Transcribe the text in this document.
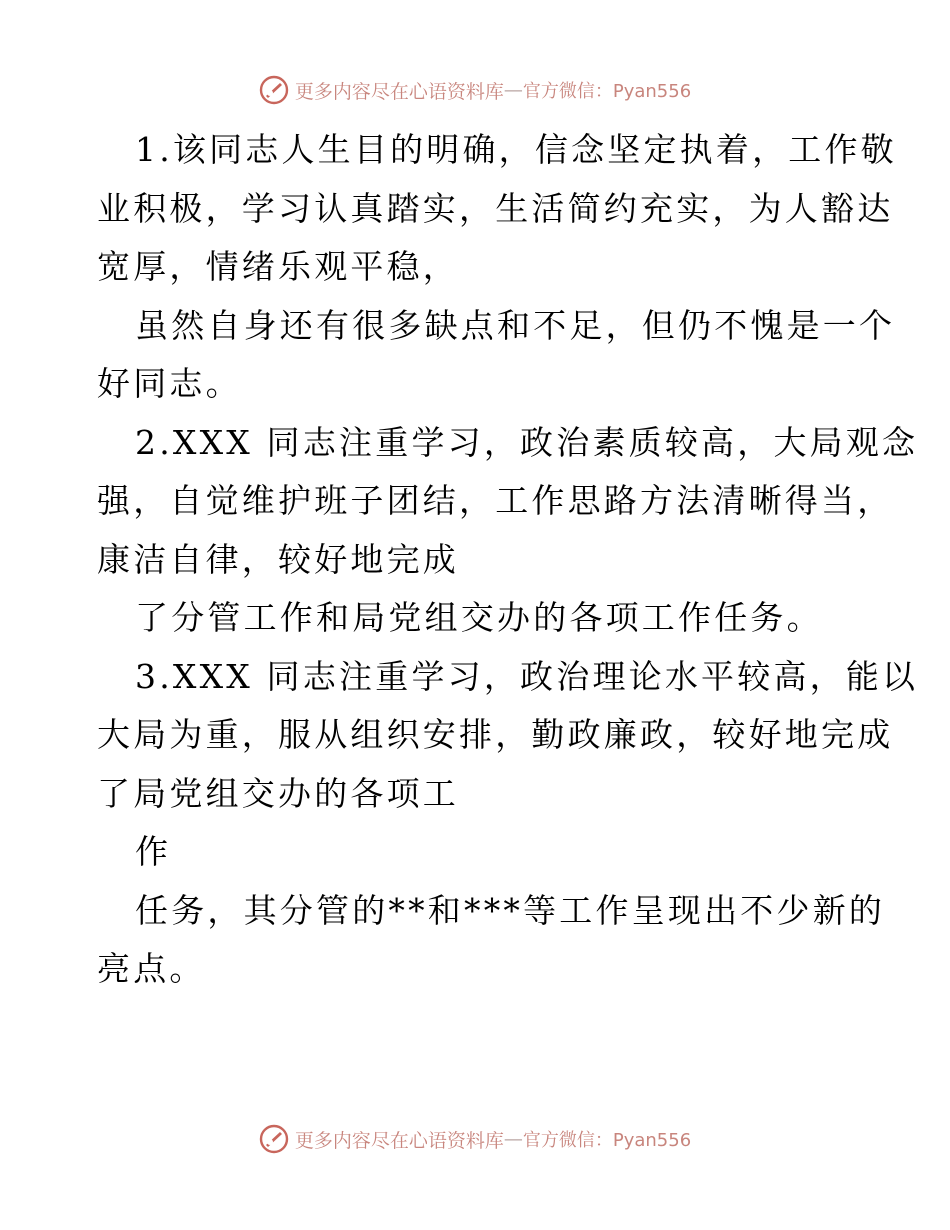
更多内容尽在心语资料库 — 官方微信：Pyan556
1.该同志人生目的明确，信念坚定执着，工作敬
业积极，学习认真踏实，生活简约充实，为人豁达
宽厚，情绪乐观平稳，
虽然自身还有很多缺点和不足，但仍不愧是一个
好同志。
2.XXX 同志注重学习，政治素质较高，大局观念
强，自觉维护班子团结，工作思路方法清晰得当，
康洁自律，较好地完成
了分管工作和局党组交办的各项工作任务。
3.XXX 同志注重学习，政治理论水平较高，能以
大局为重，服从组织安排，勤政廉政，较好地完成
了局党组交办的各项工
作
任务，其分管的**和***等工作呈现出不少新的
亮点。
更多内容尽在心语资料库 — 官方微信：Pyan556
